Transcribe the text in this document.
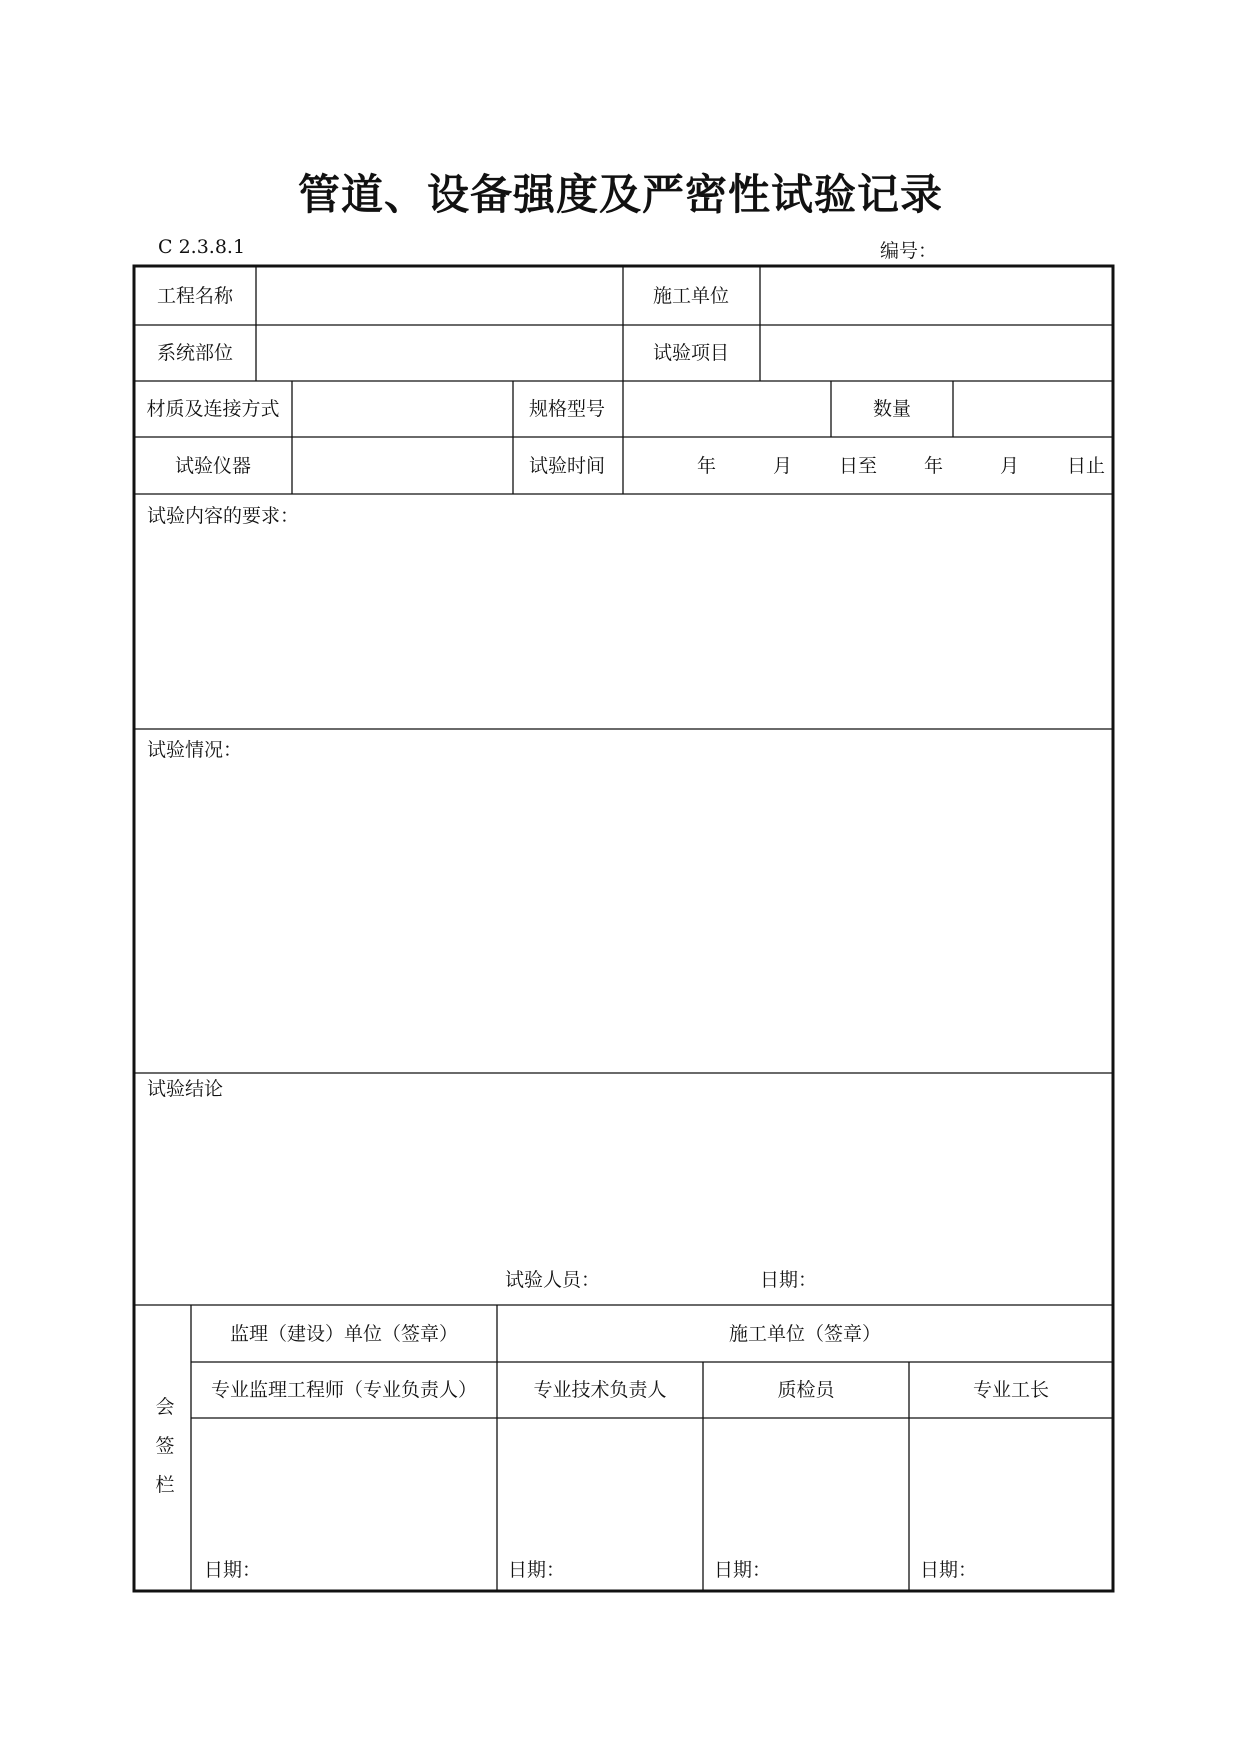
管道、设备强度及严密性试验记录
C 2.3.8.1	编号：
工程名称	施工单位
系统部位	试验项目
材质及连接方式	规格型号	数量
试验仪器	试验时间	年	月 日至 年	月	日止
试验内容的要求：
试验情况：
试验结论
试验人员：	日期：
会
签
栏
监理（建设）单位（签章）	施工单位（签章）
专业监理工程师（专业负责人）	专业技术负责人	质检员	专业工长
日期：	日期：	日期：	日期：
